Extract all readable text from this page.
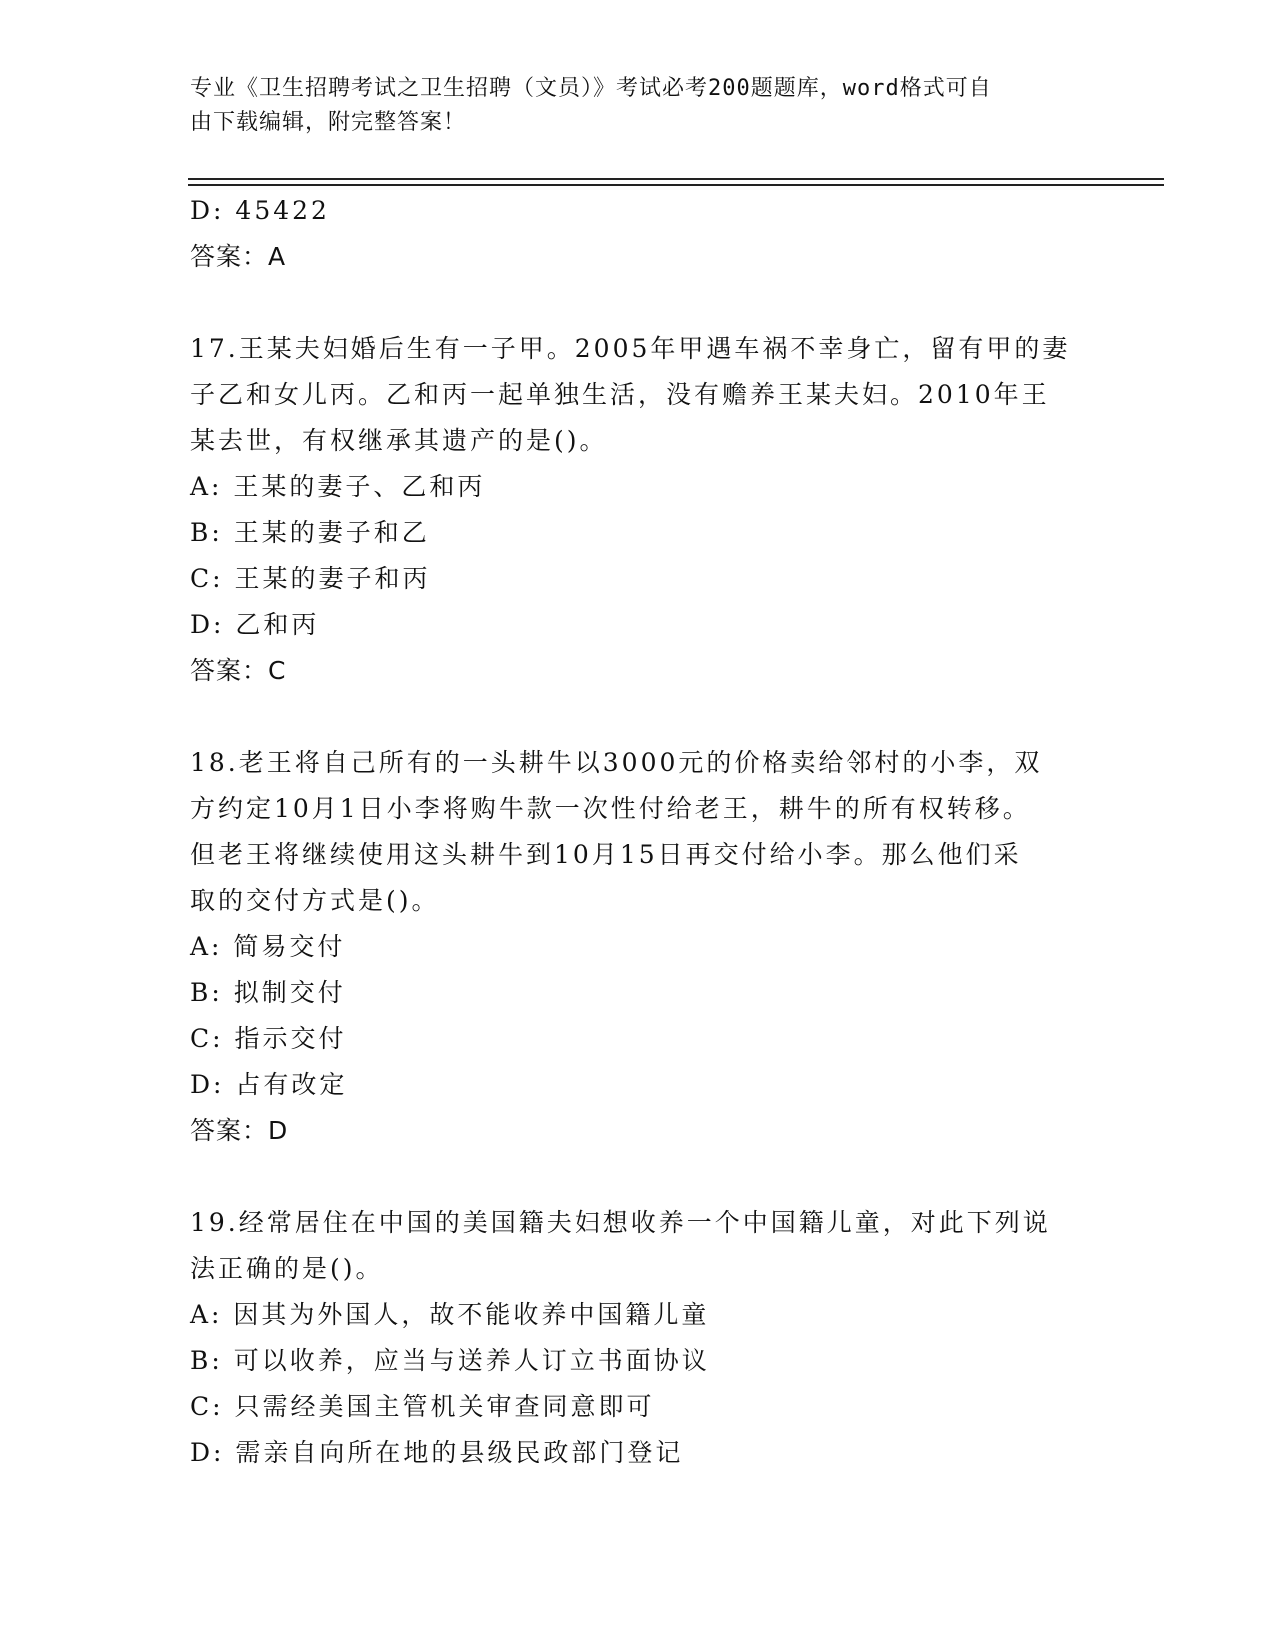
专业《卫生招聘考试之卫生招聘（文员）》考试必考200题题库，word格式可自
由下载编辑，附完整答案！
D: 45422
答案：A
17.王某夫妇婚后生有一子甲。2005年甲遇车祸不幸身亡，留有甲的妻
子乙和女儿丙。乙和丙一起单独生活，没有赡养王某夫妇。2010年王
某去世，有权继承其遗产的是()。
A: 王某的妻子、乙和丙
B: 王某的妻子和乙
C: 王某的妻子和丙
D: 乙和丙
答案：C
18.老王将自己所有的一头耕牛以3000元的价格卖给邻村的小李，双
方约定10月1日小李将购牛款一次性付给老王，耕牛的所有权转移。
但老王将继续使用这头耕牛到10月15日再交付给小李。那么他们采
取的交付方式是()。
A: 简易交付
B: 拟制交付
C: 指示交付
D: 占有改定
答案：D
19.经常居住在中国的美国籍夫妇想收养一个中国籍儿童，对此下列说
法正确的是()。
A: 因其为外国人，故不能收养中国籍儿童
B: 可以收养，应当与送养人订立书面协议
C: 只需经美国主管机关审查同意即可
D: 需亲自向所在地的县级民政部门登记
